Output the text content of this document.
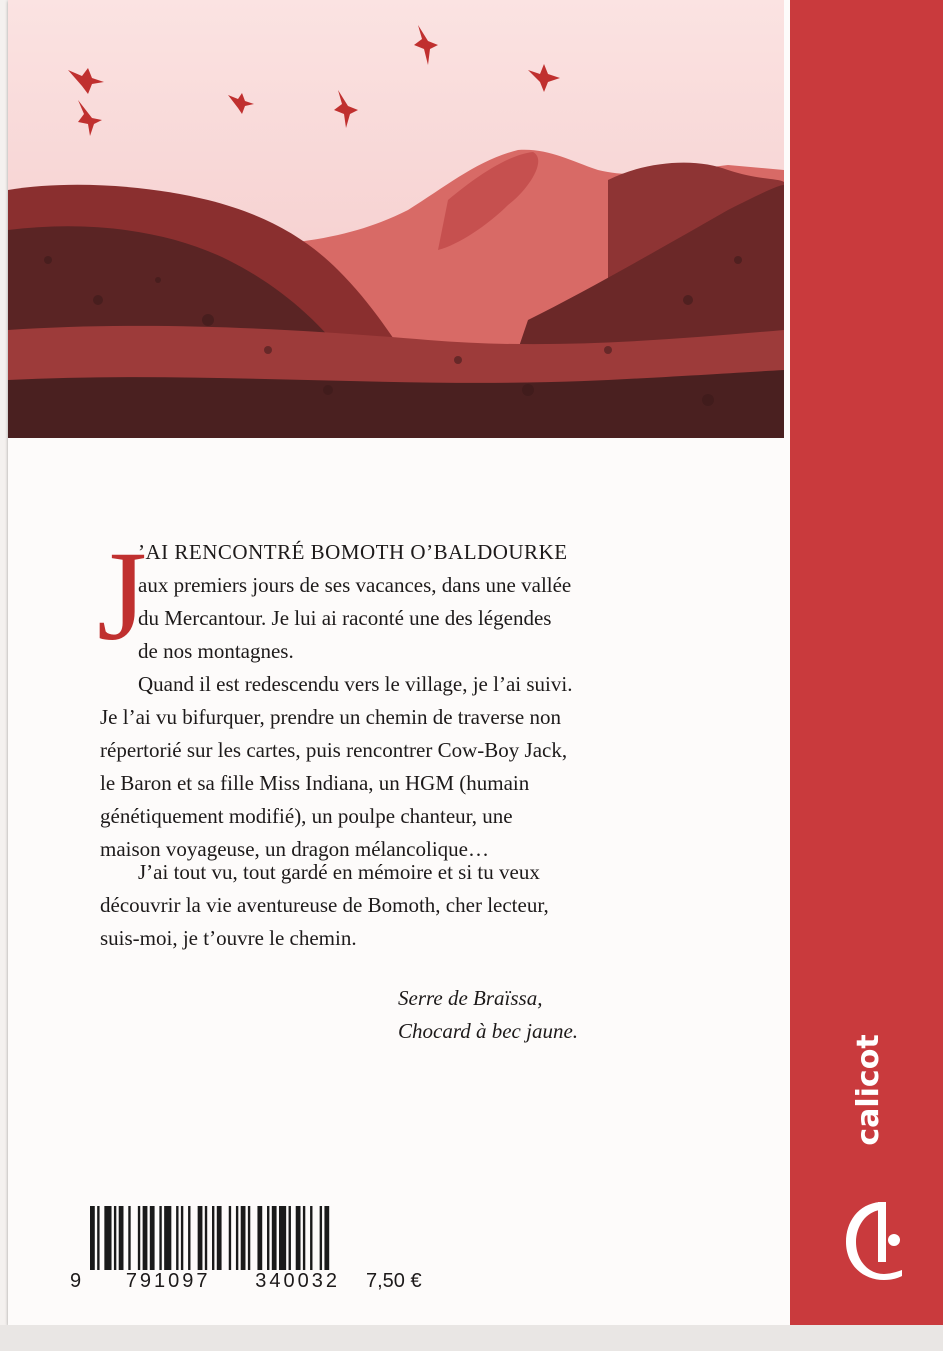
calicot
J
’AI RENCONTRÉ BOMOTH O’BALDOURKE
aux premiers jours de ses vacances, dans une vallée
du Mercantour. Je lui ai raconté une des légendes
de nos montagnes.
Quand il est redescendu vers le village, je l’ai suivi.
Je l’ai vu bifurquer, prendre un chemin de traverse non
répertorié sur les cartes, puis rencontrer Cow-Boy Jack,
le Baron et sa fille Miss Indiana, un HGM (humain
génétiquement modifié), un poulpe chanteur, une
maison voyageuse, un dragon mélancolique…
J’ai tout vu, tout gardé en mémoire et si tu veux
découvrir la vie aventureuse de Bomoth, cher lecteur,
suis-moi, je t’ouvre le chemin.
Serre de Braïssa,
Chocard à bec jaune.
9 791097 340032 7,50 €
